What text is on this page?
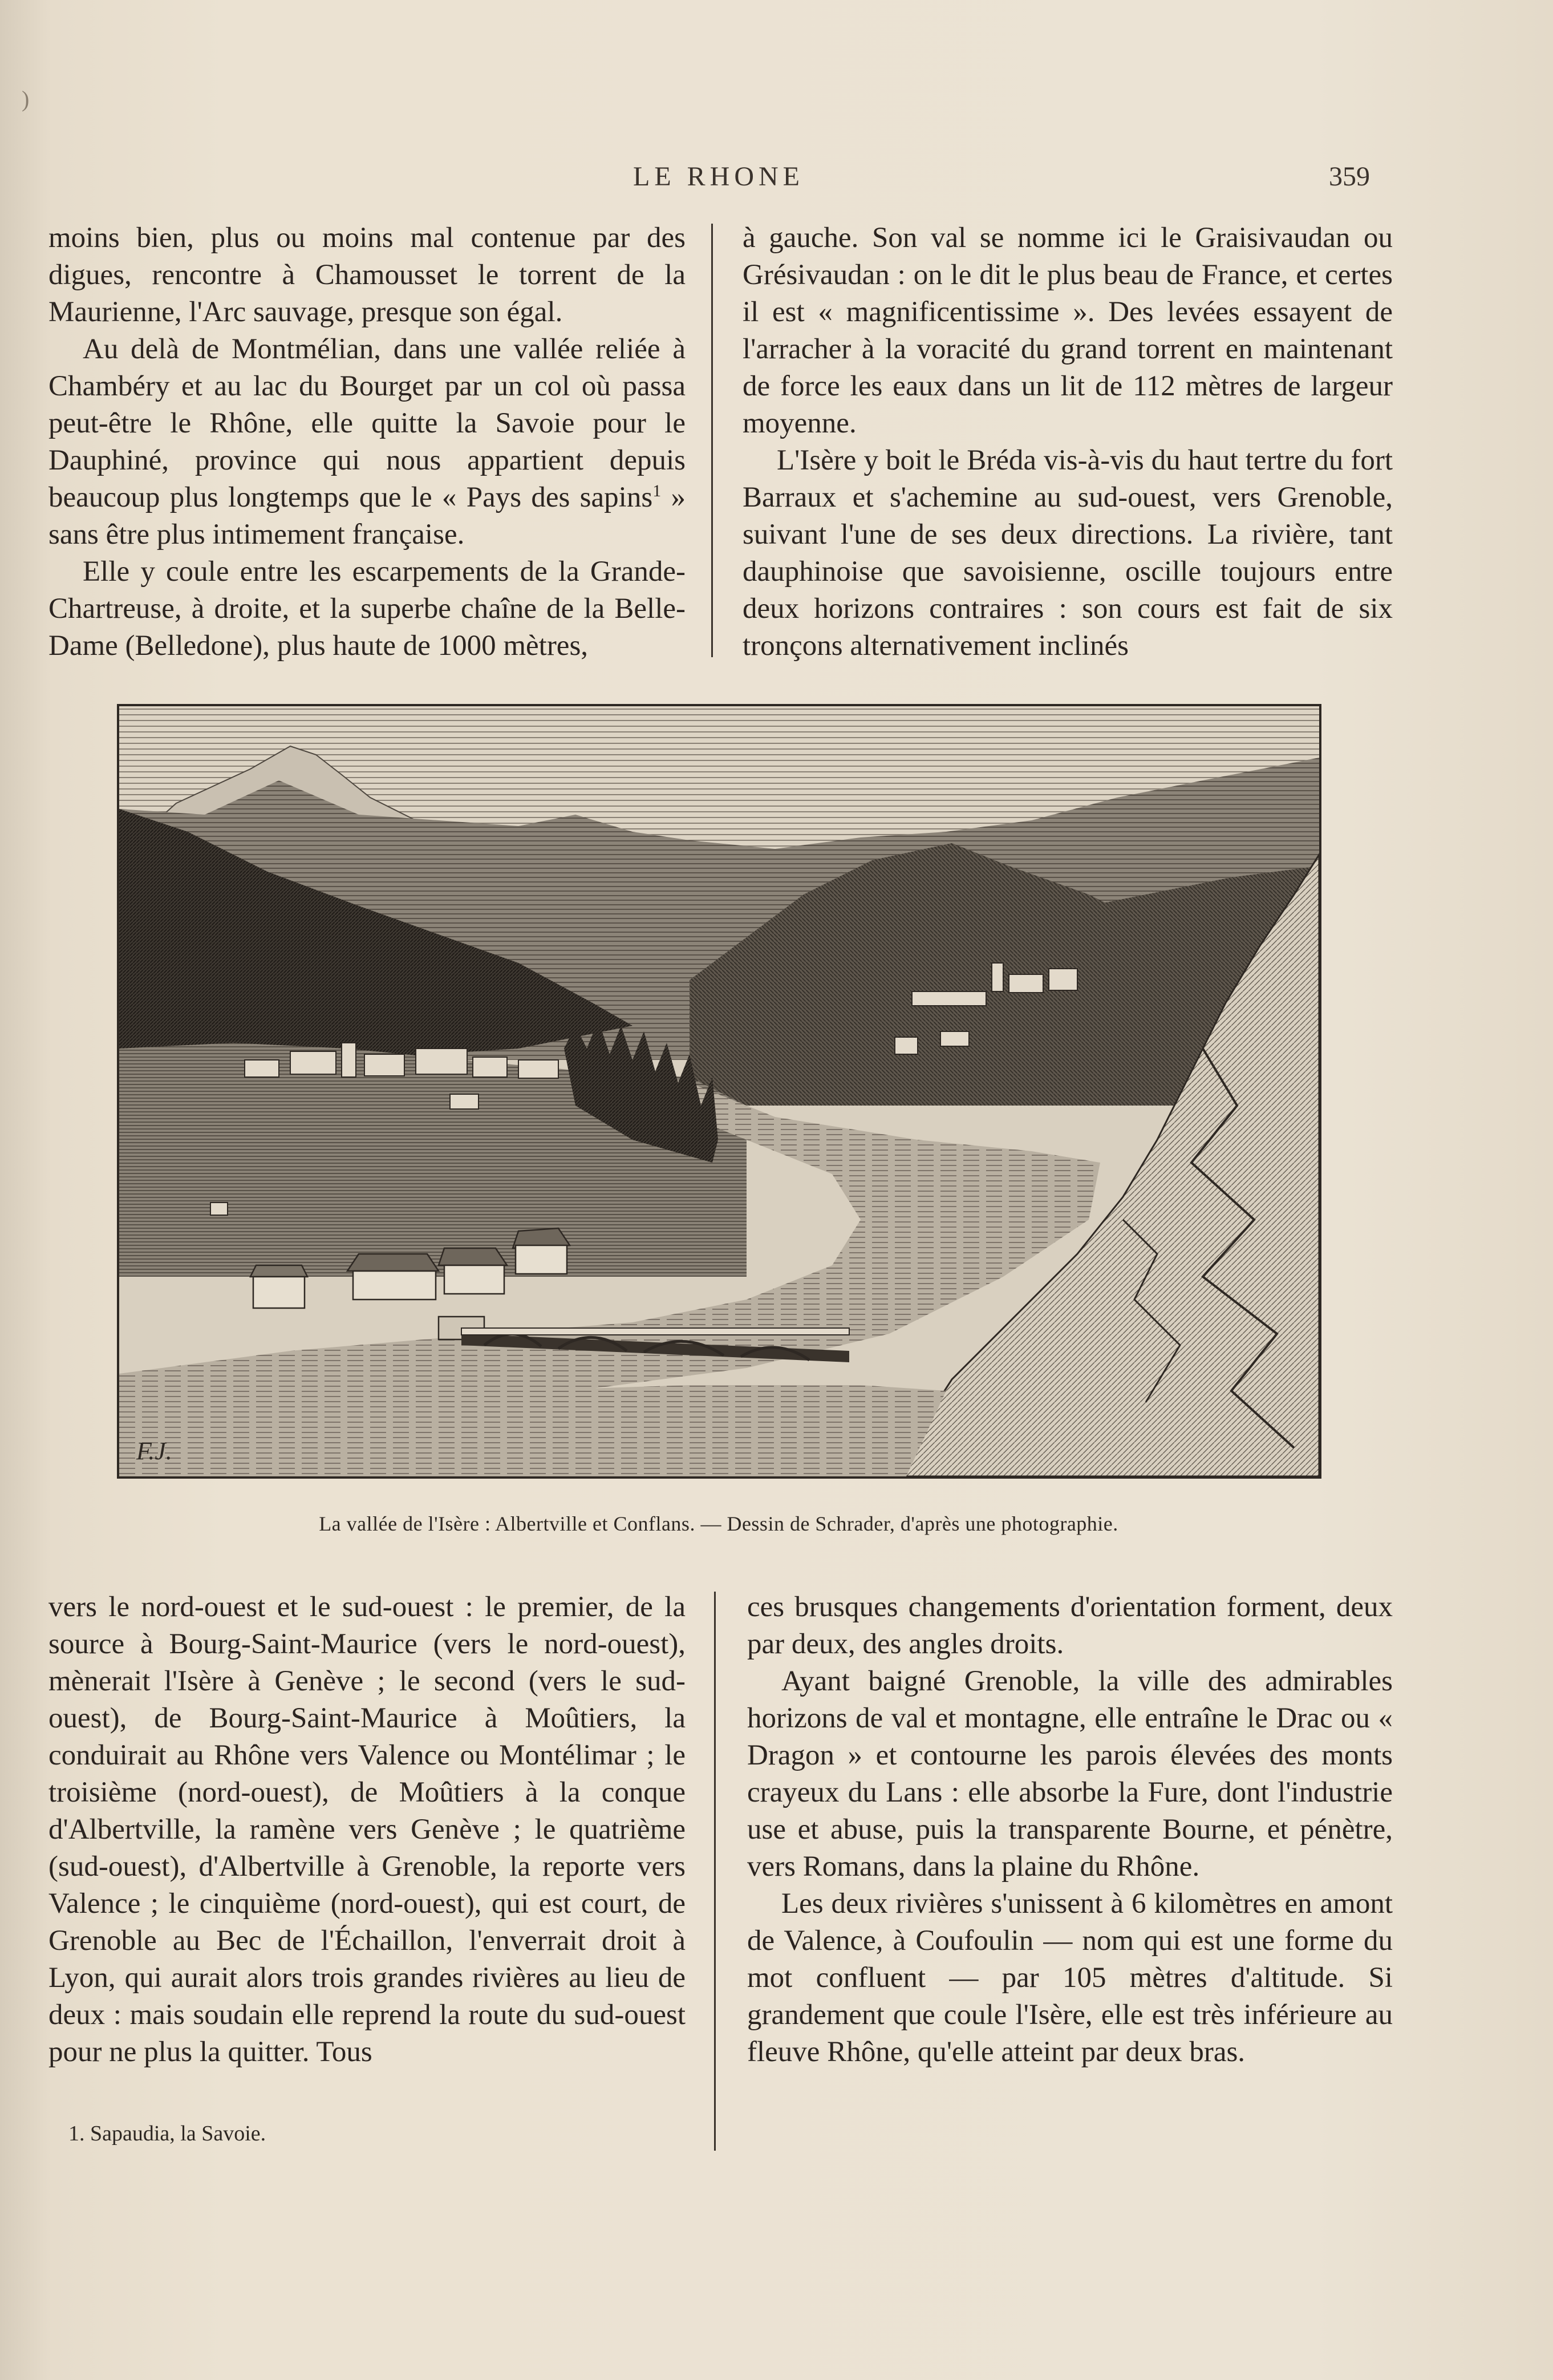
)
LE RHONE	359

moins bien, plus ou moins mal contenue par des digues, rencontre à Chamousset le torrent de la Maurienne, l'Arc sauvage, presque son égal.

Au delà de Montmélian, dans une vallée reliée à Chambéry et au lac du Bourget par un col où passa peut-être le Rhône, elle quitte la Savoie pour le Dauphiné, province qui nous appartient depuis beaucoup plus longtemps que le « Pays des sapins$^1$ » sans être plus intimement française.

Elle y coule entre les escarpements de la Grande-Chartreuse, à droite, et la superbe chaîne de la Belle-Dame (Belledone), plus haute de 1000 mètres,

à gauche. Son val se nomme ici le Graisivaudan ou Grésivaudan : on le dit le plus beau de France, et certes il est « magnificentissime ». Des levées essayent de l'arracher à la voracité du grand torrent en maintenant de force les eaux dans un lit de 112 mètres de largeur moyenne.

L'Isère y boit le Bréda vis-à-vis du haut tertre du fort Barraux et s'achemine au sud-ouest, vers Grenoble, suivant l'une de ses deux directions. La rivière, tant dauphinoise que savoisienne, oscille toujours entre deux horizons contraires : son cours est fait de six tronçons alternativement inclinés

F.J.
La vallée de l'Isère : Albertville et Conflans. — Dessin de Schrader, d'après une photographie.

vers le nord-ouest et le sud-ouest : le premier, de la source à Bourg-Saint-Maurice (vers le nord-ouest), mènerait l'Isère à Genève ; le second (vers le sud-ouest), de Bourg-Saint-Maurice à Moûtiers, la conduirait au Rhône vers Valence ou Montélimar ; le troisième (nord-ouest), de Moûtiers à la conque d'Albertville, la ramène vers Genève ; le quatrième (sud-ouest), d'Albertville à Grenoble, la reporte vers Valence ; le cinquième (nord-ouest), qui est court, de Grenoble au Bec de l'Échaillon, l'enverrait droit à Lyon, qui aurait alors trois grandes rivières au lieu de deux : mais soudain elle reprend la route du sud-ouest pour ne plus la quitter. Tous

ces brusques changements d'orientation forment, deux par deux, des angles droits.

Ayant baigné Grenoble, la ville des admirables horizons de val et montagne, elle entraîne le Drac ou « Dragon » et contourne les parois élevées des monts crayeux du Lans : elle absorbe la Fure, dont l'industrie use et abuse, puis la transparente Bourne, et pénètre, vers Romans, dans la plaine du Rhône.

Les deux rivières s'unissent à 6 kilomètres en amont de Valence, à Coufoulin — nom qui est une forme du mot confluent — par 105 mètres d'altitude. Si grandement que coule l'Isère, elle est très inférieure au fleuve Rhône, qu'elle atteint par deux bras.

1. Sapaudia, la Savoie.
